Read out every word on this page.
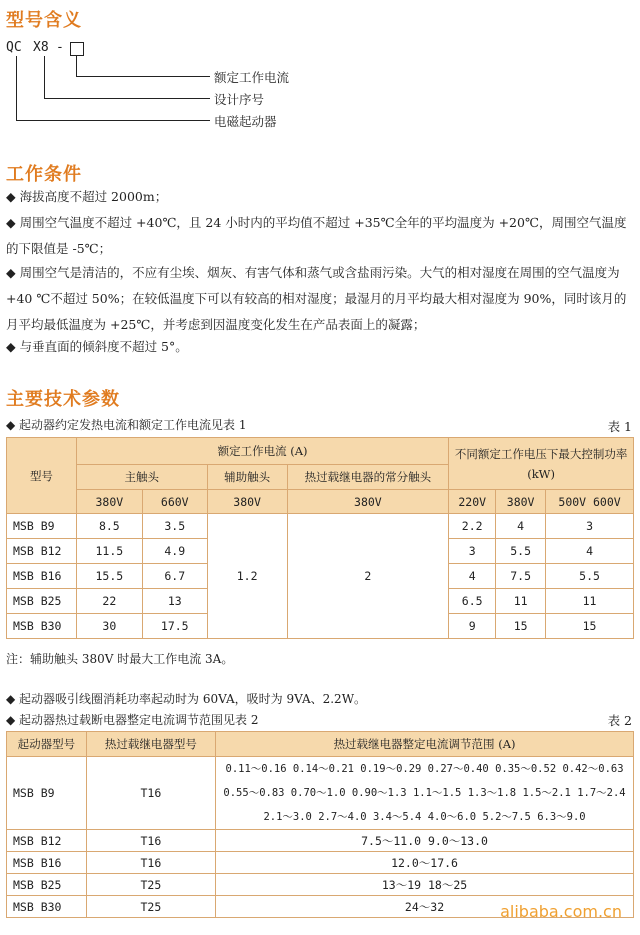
型号含义
QC X8 -
额定工作电流
设计序号
电磁起动器
工作条件
◆ 海拔高度不超过 2000m；
◆ 周围空气温度不超过 +40℃，且 24 小时内的平均值不超过 +35℃全年的平均温度为 +20℃，周围空气温度的下限值是 -5℃；
◆ 周围空气是清洁的，不应有尘埃、烟灰、有害气体和蒸气或含盐雨污染。大气的相对湿度在周围的空气温度为 +40 ℃不超过 50%；在较低温度下可以有较高的相对湿度；最湿月的月平均最大相对湿度为 90%，同时该月的月平均最低温度为 +25℃，并考虑到因温度变化发生在产品表面上的凝露；
◆ 与垂直面的倾斜度不超过 5°。
主要技术参数
◆ 起动器约定发热电流和额定工作电流见表 1	表 1
型号	额定工作电流 (A)				不同额定工作电压下最大控制功率 (kW)		
	主触头		辅助触头	热过载继电器的常分触头			
	380V	660V	380V	380V	220V	380V	500V 600V
MSB B9	8.5	3.5	1.2	2	2.2	4	3
MSB B12	11.5	4.9			3	5.5	4
MSB B16	15.5	6.7			4	7.5	5.5
MSB B25	22	13			6.5	11	11
MSB B30	30	17.5			9	15	15
注：辅助触头 380V 时最大工作电流 3A。
◆ 起动器吸引线圈消耗功率起动时为 60VA，吸时为 9VA、2.2W。
◆ 起动器热过载断电器整定电流调节范围见表 2	表 2
起动器型号	热过载继电器型号	热过载继电器整定电流调节范围 (A)
MSB B9	T16	0.11～0.16 0.14～0.21 0.19～0.29 0.27～0.40 0.35～0.52 0.42～0.63
0.55～0.83 0.70～1.0 0.90～1.3 1.1～1.5 1.3～1.8 1.5～2.1 1.7～2.4
2.1～3.0 2.7～4.0 3.4～5.4 4.0～6.0 5.2～7.5 6.3～9.0

MSB B12	T16	7.5～11.0 9.0～13.0
MSB B16	T16	12.0～17.6
MSB B25	T25	13～19 18～25
MSB B30	T25	24～32	alibaba.com.cn
